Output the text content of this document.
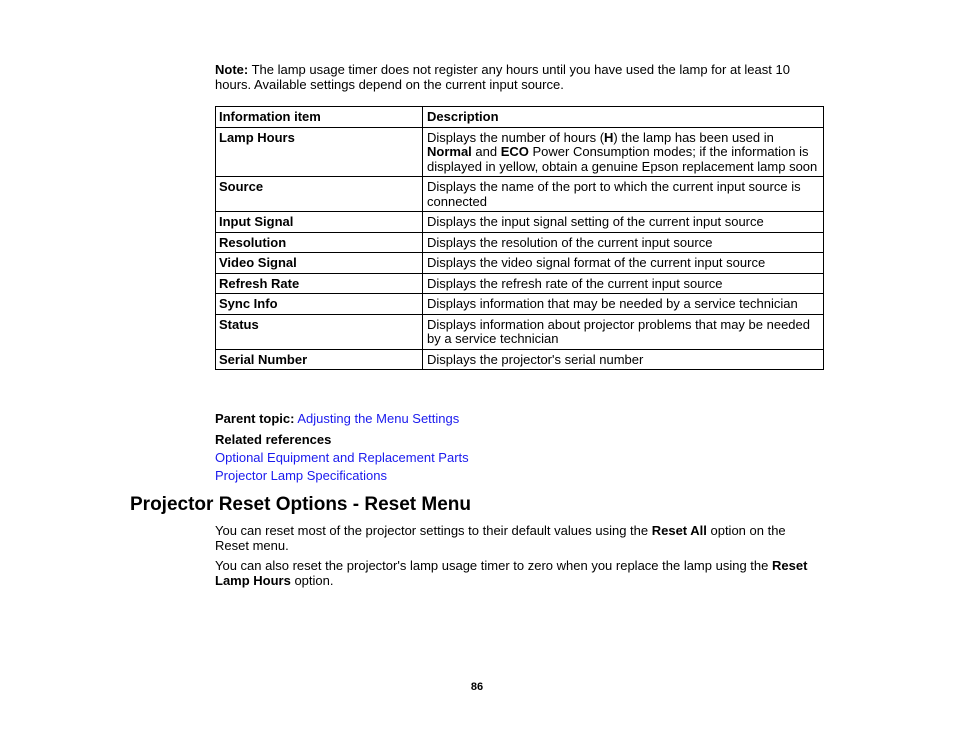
Note: The lamp usage timer does not register any hours until you have used the lamp for at least 10 hours. Available settings depend on the current input source.
Information item	Description
Lamp Hours	Displays the number of hours (H) the lamp has been used in Normal and ECO Power Consumption modes; if the information is displayed in yellow, obtain a genuine Epson replacement lamp soon
Source	Displays the name of the port to which the current input source is connected
Input Signal	Displays the input signal setting of the current input source
Resolution	Displays the resolution of the current input source
Video Signal	Displays the video signal format of the current input source
Refresh Rate	Displays the refresh rate of the current input source
Sync Info	Displays information that may be needed by a service technician
Status	Displays information about projector problems that may be needed by a service technician
Serial Number	Displays the projector's serial number
Parent topic: Adjusting the Menu Settings
Related references
Optional Equipment and Replacement Parts
Projector Lamp Specifications
Projector Reset Options - Reset Menu
You can reset most of the projector settings to their default values using the Reset All option on the Reset menu.
You can also reset the projector's lamp usage timer to zero when you replace the lamp using the Reset Lamp Hours option.
86
